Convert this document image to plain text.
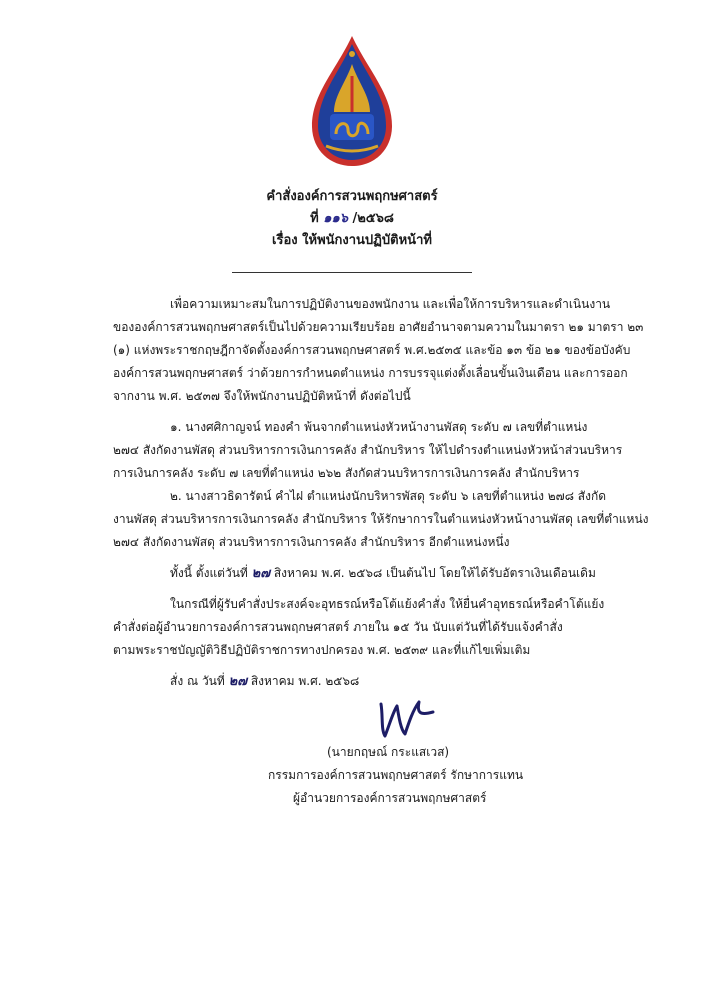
คำสั่งองค์การสวนพฤกษศาสตร์
ที่ ๑๑๖ /๒๕๖๘
เรื่อง ให้พนักงานปฏิบัติหน้าที่
เพื่อความเหมาะสมในการปฏิบัติงานของพนักงาน และเพื่อให้การบริหารและดำเนินงาน
ขององค์การสวนพฤกษศาสตร์เป็นไปด้วยความเรียบร้อย อาศัยอำนาจตามความในมาตรา ๒๑ มาตรา ๒๓
(๑) แห่งพระราชกฤษฎีกาจัดตั้งองค์การสวนพฤกษศาสตร์ พ.ศ.๒๕๓๕ และข้อ ๑๓ ข้อ ๒๑ ของข้อบังคับ
องค์การสวนพฤกษศาสตร์ ว่าด้วยการกำหนดตำแหน่ง การบรรจุแต่งตั้งเลื่อนขั้นเงินเดือน และการออก
จากงาน พ.ศ. ๒๕๓๗ จึงให้พนักงานปฏิบัติหน้าที่ ดังต่อไปนี้
๑. นางศศิกาญจน์ ทองคำ พ้นจากตำแหน่งหัวหน้างานพัสดุ ระดับ ๗ เลขที่ตำแหน่ง
๒๗๔ สังกัดงานพัสดุ ส่วนบริหารการเงินการคลัง สำนักบริหาร ให้ไปดำรงตำแหน่งหัวหน้าส่วนบริหาร
การเงินการคลัง ระดับ ๗ เลขที่ตำแหน่ง ๒๖๒ สังกัดส่วนบริหารการเงินการคลัง สำนักบริหาร
๒. นางสาวธิดารัตน์ คำไฝ ตำแหน่งนักบริหารพัสดุ ระดับ ๖ เลขที่ตำแหน่ง ๒๗๘ สังกัด
งานพัสดุ ส่วนบริหารการเงินการคลัง สำนักบริหาร ให้รักษาการในตำแหน่งหัวหน้างานพัสดุ เลขที่ตำแหน่ง
๒๗๔ สังกัดงานพัสดุ ส่วนบริหารการเงินการคลัง สำนักบริหาร อีกตำแหน่งหนึ่ง
ทั้งนี้ ตั้งแต่วันที่ ๒๗ สิงหาคม พ.ศ. ๒๕๖๘ เป็นต้นไป โดยให้ได้รับอัตราเงินเดือนเดิม
ในกรณีที่ผู้รับคำสั่งประสงค์จะอุทธรณ์หรือโต้แย้งคำสั่ง ให้ยื่นคำอุทธรณ์หรือคำโต้แย้ง
คำสั่งต่อผู้อำนวยการองค์การสวนพฤกษศาสตร์ ภายใน ๑๕ วัน นับแต่วันที่ได้รับแจ้งคำสั่ง
ตามพระราชบัญญัติวิธีปฏิบัติราชการทางปกครอง พ.ศ. ๒๕๓๙ และที่แก้ไขเพิ่มเติม
สั่ง ณ วันที่ ๒๗ สิงหาคม พ.ศ. ๒๕๖๘
(นายกฤษณ์ กระแสเวส)
กรรมการองค์การสวนพฤกษศาสตร์ รักษาการแทน
ผู้อำนวยการองค์การสวนพฤกษศาสตร์
